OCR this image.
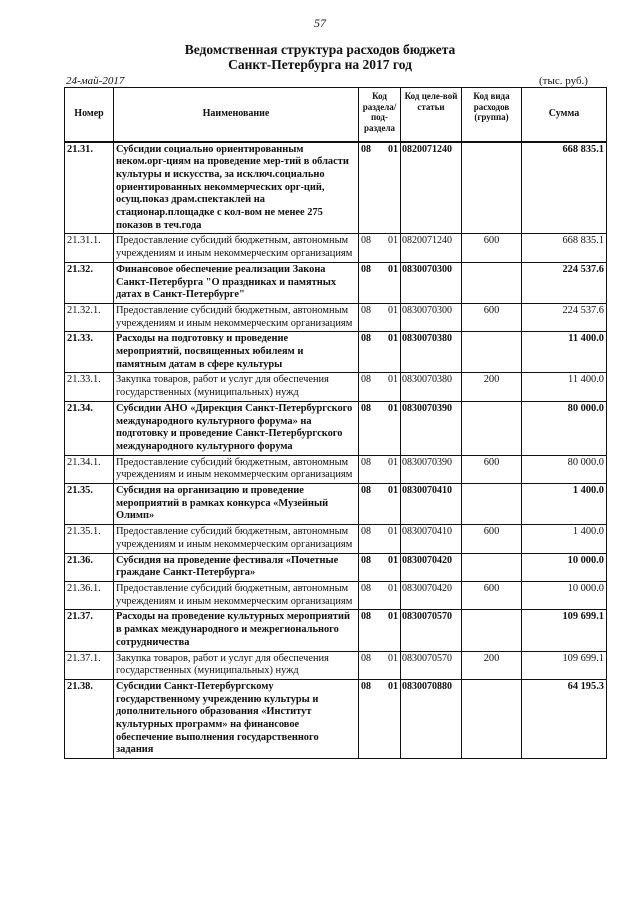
57
Ведомственная структура расходов бюджета
Санкт-Петербурга на 2017 год
24-май-2017	(тыс. руб.)
Номер	Наименование	Код раздела/ под-раздела	Код целе-вой статьи	Код вида расходов (группа)	Сумма
21.31.	Субсидии социально ориентированным неком.орг-циям на проведение мер-тий в области культуры и искусства, за исключ.социально ориентированных некоммерческих орг-ций, осущ.показ драм.спектаклей на стационар.площадке с кол-вом не менее 275 показов в теч.года	08 01	0820071240		668 835.1
21.31.1.	Предоставление субсидий бюджетным, автономным учреждениям и иным некоммерческим организациям	08 01	0820071240	600	668 835.1
21.32.	Финансовое обеспечение реализации Закона Санкт-Петербурга "О праздниках и памятных датах в Санкт-Петербурге"	08 01	0830070300		224 537.6
21.32.1.	Предоставление субсидий бюджетным, автономным учреждениям и иным некоммерческим организациям	08 01	0830070300	600	224 537.6
21.33.	Расходы на подготовку и проведение мероприятий, посвященных юбилеям и памятным датам в сфере культуры	08 01	0830070380		11 400.0
21.33.1.	Закупка товаров, работ и услуг для обеспечения государственных (муниципальных) нужд	08 01	0830070380	200	11 400.0
21.34.	Субсидии АНО «Дирекция Санкт-Петербургского международного культурного форума» на подготовку и проведение Санкт-Петербургского международного культурного форума	08 01	0830070390		80 000.0
21.34.1.	Предоставление субсидий бюджетным, автономным учреждениям и иным некоммерческим организациям	08 01	0830070390	600	80 000.0
21.35.	Субсидия на организацию и проведение мероприятий в рамках конкурса «Музейный Олимп»	08 01	0830070410		1 400.0
21.35.1.	Предоставление субсидий бюджетным, автономным учреждениям и иным некоммерческим организациям	08 01	0830070410	600	1 400.0
21.36.	Субсидия на проведение фестиваля «Почетные граждане Санкт-Петербурга»	08 01	0830070420		10 000.0
21.36.1.	Предоставление субсидий бюджетным, автономным учреждениям и иным некоммерческим организациям	08 01	0830070420	600	10 000.0
21.37.	Расходы на проведение культурных мероприятий в рамках международного и межрегионального сотрудничества	08 01	0830070570		109 699.1
21.37.1.	Закупка товаров, работ и услуг для обеспечения государственных (муниципальных) нужд	08 01	0830070570	200	109 699.1
21.38.	Субсидии Санкт-Петербургскому государственному учреждению культуры и дополнительного образования «Институт культурных программ» на финансовое обеспечение выполнения государственного задания	08 01	0830070880		64 195.3
